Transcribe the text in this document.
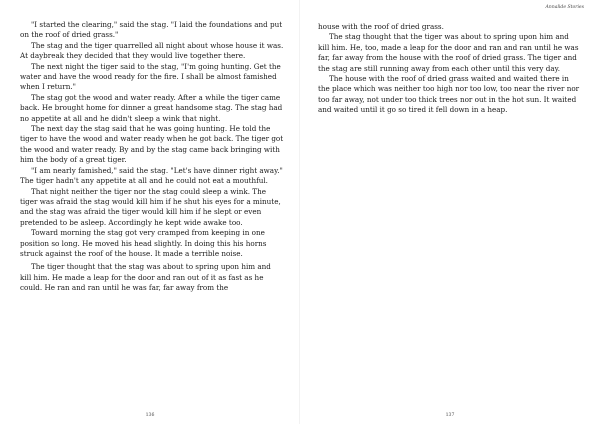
"I started the clearing," said the stag. "I laid the foundations and put on the roof of dried grass."

The stag and the tiger quarrelled all night about whose house it was. At daybreak they decided that they would live together there.

The next night the tiger said to the stag, "I'm going hunting. Get the water and have the wood ready for the fire. I shall be almost famished when I return."

The stag got the wood and water ready. After a while the tiger came back. He brought home for dinner a great handsome stag. The stag had no appetite at all and he didn't sleep a wink that night.

The next day the stag said that he was going hunting. He told the tiger to have the wood and water ready when he got back. The tiger got the wood and water ready. By and by the stag came back bringing with him the body of a great tiger.

"I am nearly famished," said the stag. "Let's have dinner right away." The tiger hadn't any appetite at all and he could not eat a mouthful.

That night neither the tiger nor the stag could sleep a wink. The tiger was afraid the stag would kill him if he shut his eyes for a minute, and the stag was afraid the tiger would kill him if he slept or even pretended to be asleep. Accordingly he kept wide awake too.

Toward morning the stag got very cramped from keeping in one position so long. He moved his head slightly. In doing this his horns struck against the roof of the house. It made a terrible noise.

The tiger thought that the stag was about to spring upon him and kill him. He made a leap for the door and ran out of it as fast as he could. He ran and ran until he was far, far away from the

136
Annalide Stories

house with the roof of dried grass.

The stag thought that the tiger was about to spring upon him and kill him. He, too, made a leap for the door and ran and ran until he was far, far away from the house with the roof of dried grass. The tiger and the stag are still running away from each other until this very day.

The house with the roof of dried grass waited and waited there in the place which was neither too high nor too low, too near the river nor too far away, not under too thick trees nor out in the hot sun. It waited and waited until it go so tired it fell down in a heap.

137
